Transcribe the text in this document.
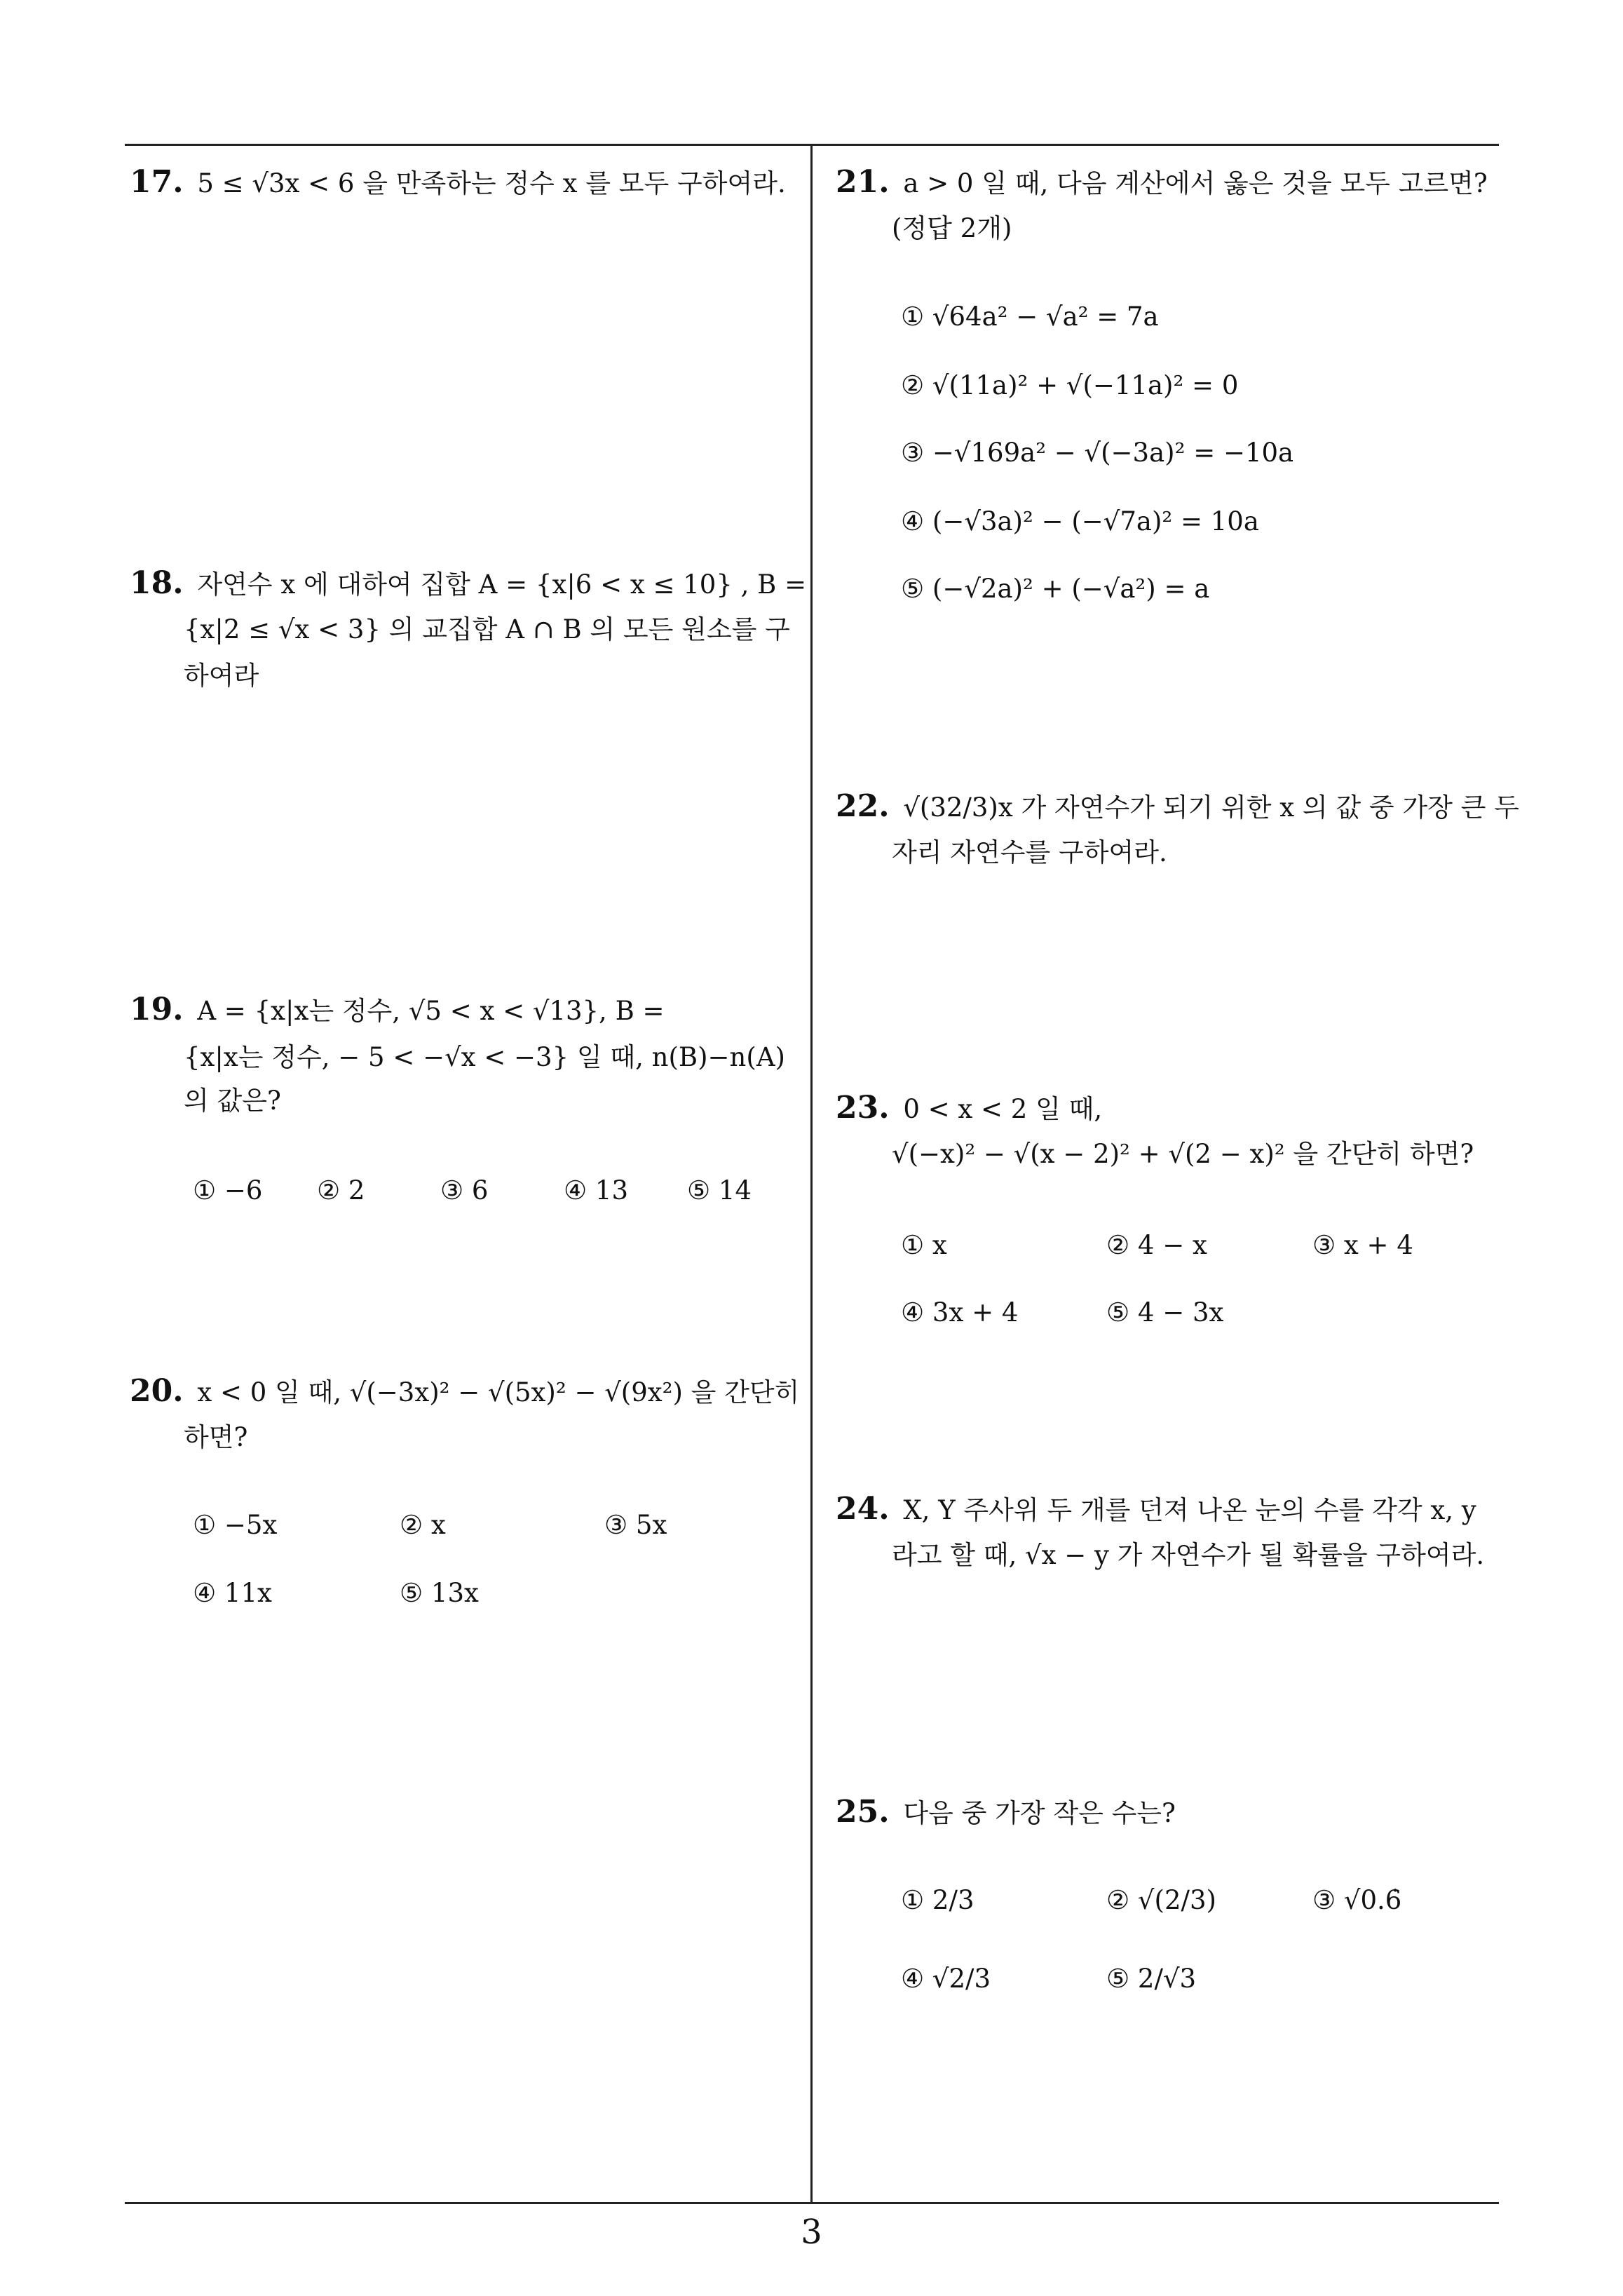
17. 5 ≤ √3x < 6 을 만족하는 정수 x 를 모두 구하여라.
18. 자연수 x 에 대하여 집합 A = {x|6 < x ≤ 10} , B =
{x|2 ≤ √x < 3} 의 교집합 A ∩ B 의 모든 원소를 구
하여라
19. A = {x|x는 정수, √5 < x < √13}, B =
{x|x는 정수, − 5 < −√x < −3} 일 때, n(B)−n(A)
의 값은?
① −6 ② 2	③ 6	④ 13 ⑤ 14
20. x < 0 일 때, √(−3x)² − √(5x)² − √(9x²) 을 간단히
하면?
① −5x	② x	③ 5x
④ 11x	⑤ 13x
21. a > 0 일 때, 다음 계산에서 옳은 것을 모두 고르면?
(정답 2개)
① √64a² − √a² = 7a
② √(11a)² + √(−11a)² = 0
③ −√169a² − √(−3a)² = −10a
④ (−√3a)² − (−√7a)² = 10a
⑤ (−√2a)² + (−√a²) = a
22. √(32/3)x 가 자연수가 되기 위한 x 의 값 중 가장 큰 두
자리 자연수를 구하여라.
23. 0 < x < 2 일 때,
√(−x)² − √(x − 2)² + √(2 − x)² 을 간단히 하면?
① x	② 4 − x	③ x + 4
④ 3x + 4	⑤ 4 − 3x
24. X, Y 주사위 두 개를 던져 나온 눈의 수를 각각 x, y
라고 할 때, √x − y 가 자연수가 될 확률을 구하여라.
25. 다음 중 가장 작은 수는?
① 2/3	② √(2/3)	③ √0.6̇
④ √2/3	⑤ 2/√3
3
